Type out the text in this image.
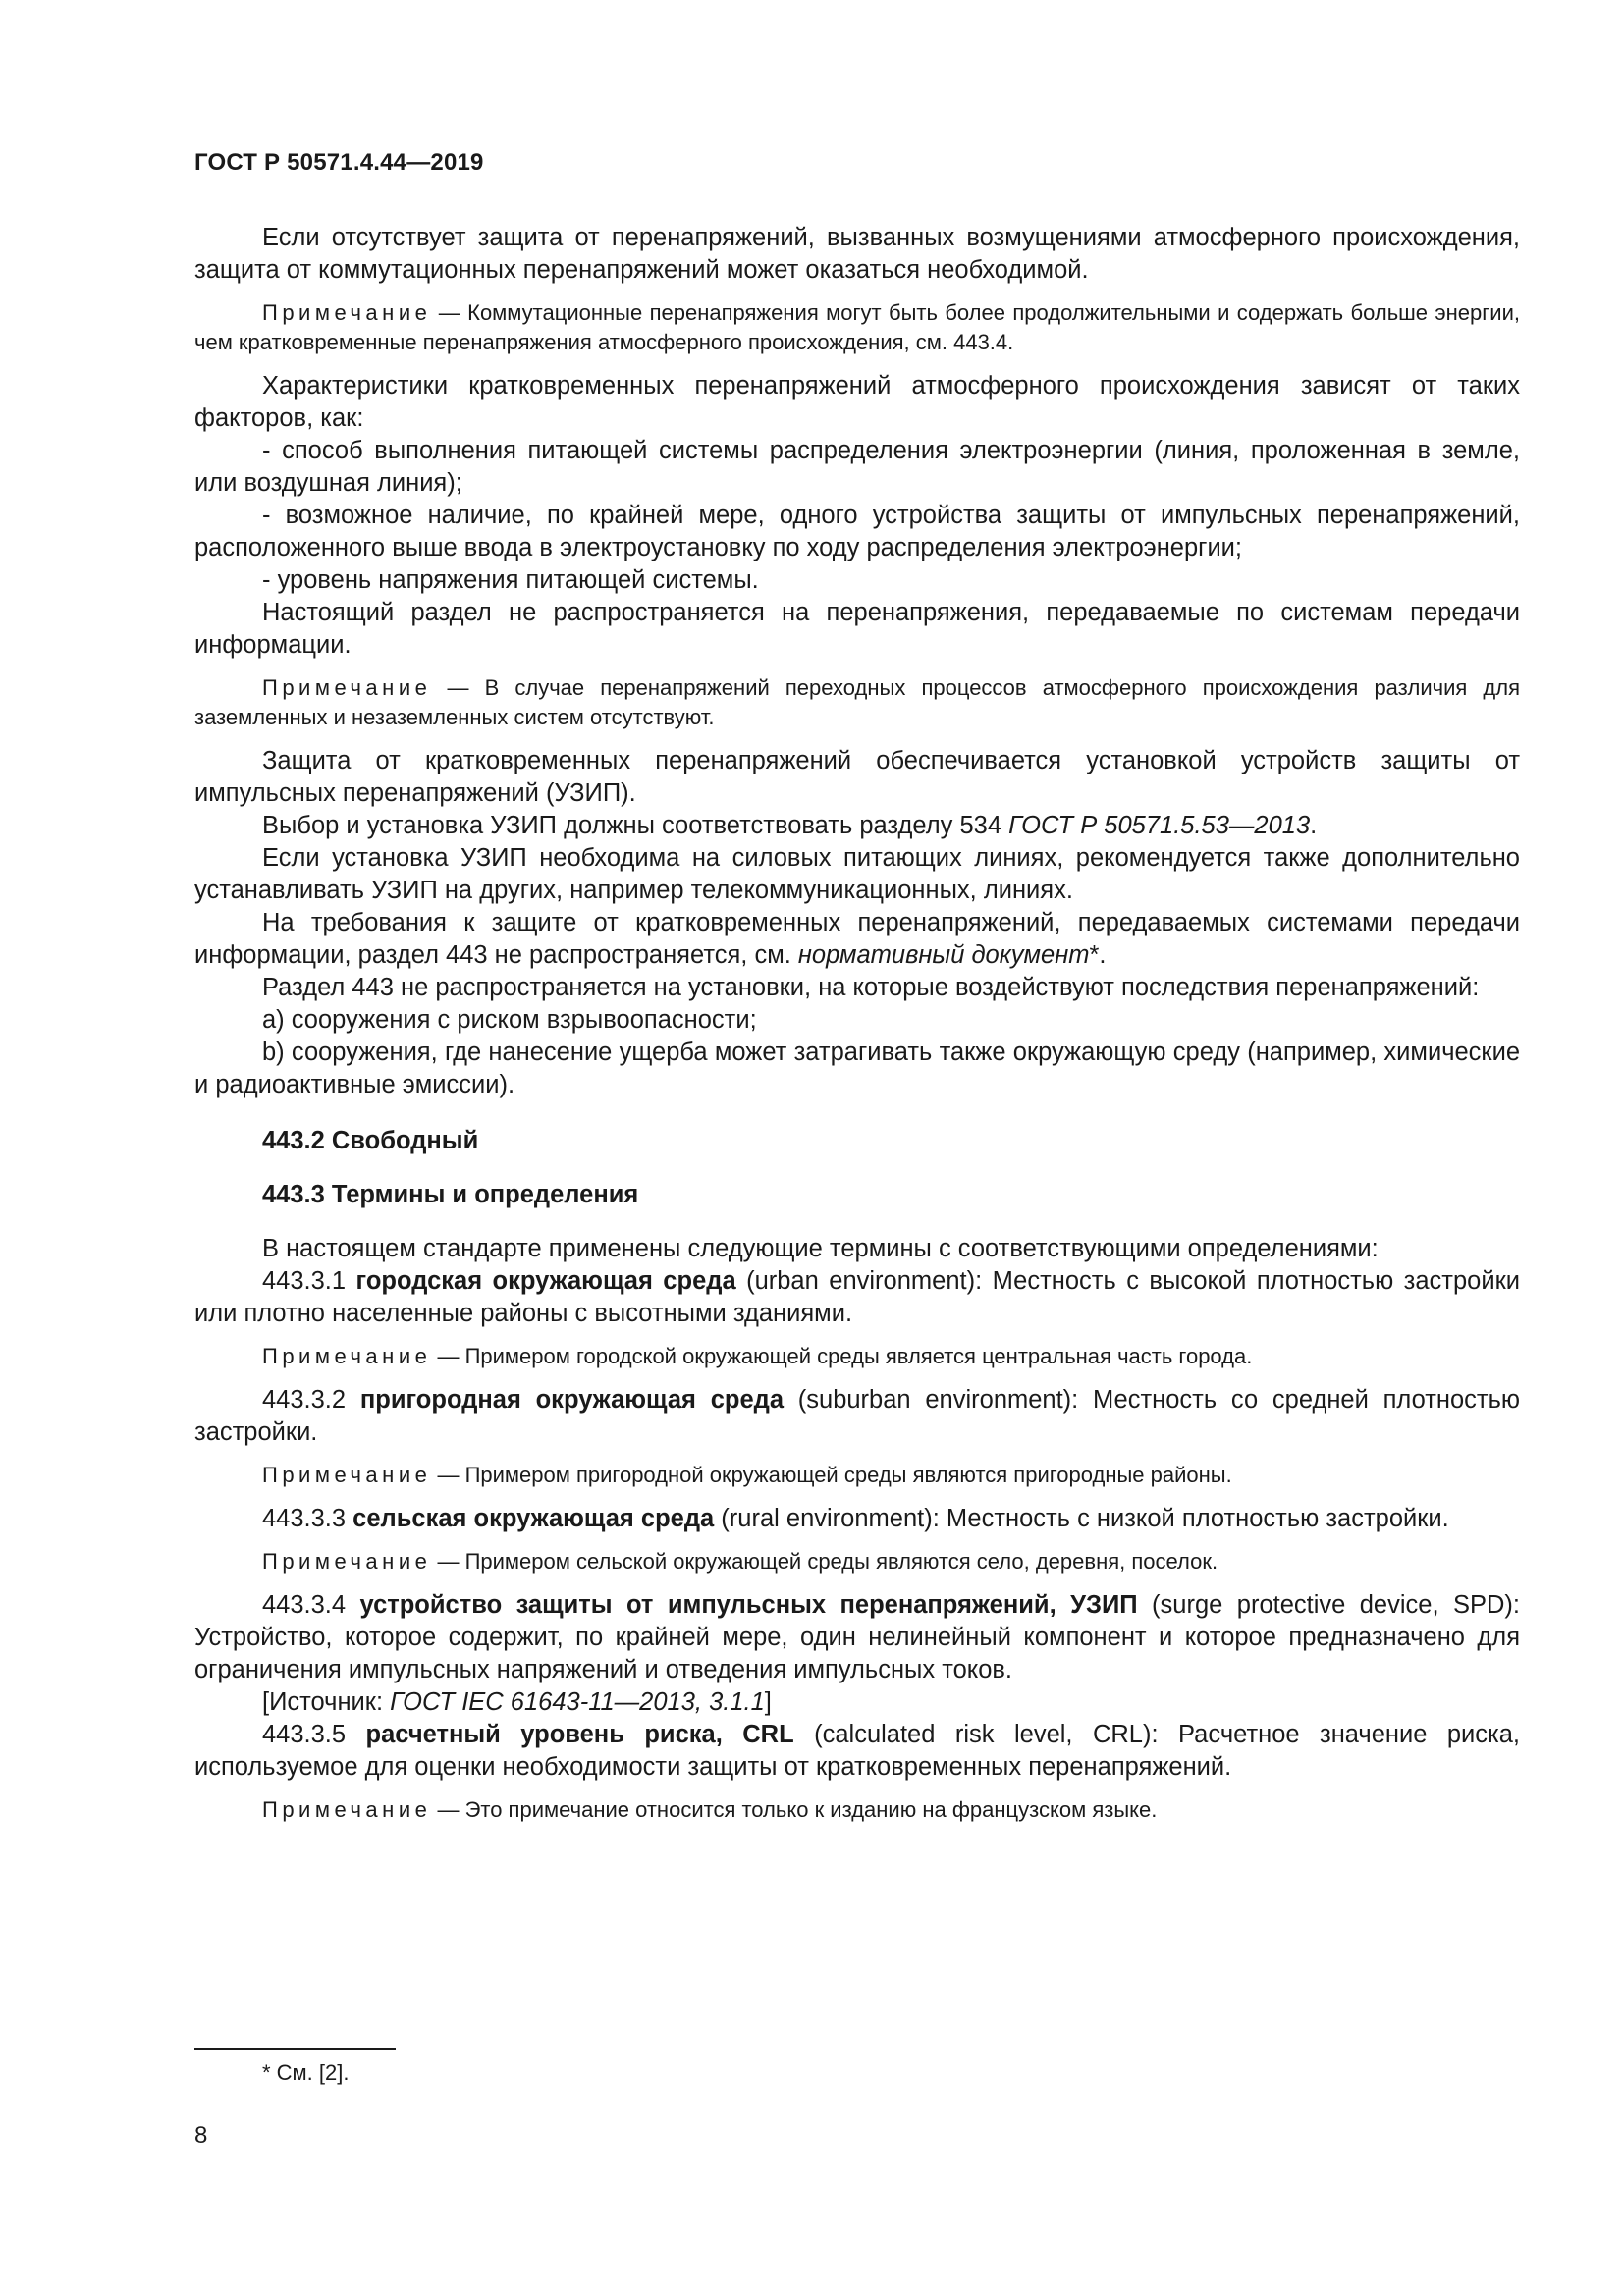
ГОСТ Р 50571.4.44—2019

Если отсутствует защита от перенапряжений, вызванных возмущениями атмосферного происхождения, защита от коммутационных перенапряжений может оказаться необходимой.

Примечание — Коммутационные перенапряжения могут быть более продолжительными и содержать больше энергии, чем кратковременные перенапряжения атмосферного происхождения, см. 443.4.

Характеристики кратковременных перенапряжений атмосферного происхождения зависят от таких факторов, как:

- способ выполнения питающей системы распределения электроэнергии (линия, проложенная в земле, или воздушная линия);

- возможное наличие, по крайней мере, одного устройства защиты от импульсных перенапряжений, расположенного выше ввода в электроустановку по ходу распределения электроэнергии;

- уровень напряжения питающей системы.

Настоящий раздел не распространяется на перенапряжения, передаваемые по системам передачи информации.

Примечание — В случае перенапряжений переходных процессов атмосферного происхождения различия для заземленных и незаземленных систем отсутствуют.

Защита от кратковременных перенапряжений обеспечивается установкой устройств защиты от импульсных перенапряжений (УЗИП).

Выбор и установка УЗИП должны соответствовать разделу 534 ГОСТ Р 50571.5.53—2013.

Если установка УЗИП необходима на силовых питающих линиях, рекомендуется также дополнительно устанавливать УЗИП на других, например телекоммуникационных, линиях.

На требования к защите от кратковременных перенапряжений, передаваемых системами передачи информации, раздел 443 не распространяется, см. нормативный документ*.

Раздел 443 не распространяется на установки, на которые воздействуют последствия перенапряжений:

a) сооружения с риском взрывоопасности;

b) сооружения, где нанесение ущерба может затрагивать также окружающую среду (например, химические и радиоактивные эмиссии).

443.2 Свободный

443.3 Термины и определения

В настоящем стандарте применены следующие термины с соответствующими определениями:

443.3.1 городская окружающая среда (urban environment): Местность с высокой плотностью застройки или плотно населенные районы с высотными зданиями.

Примечание — Примером городской окружающей среды является центральная часть города.

443.3.2 пригородная окружающая среда (suburban environment): Местность со средней плотностью застройки.

Примечание — Примером пригородной окружающей среды являются пригородные районы.

443.3.3 сельская окружающая среда (rural environment): Местность с низкой плотностью застройки.

Примечание — Примером сельской окружающей среды являются село, деревня, поселок.

443.3.4 устройство защиты от импульсных перенапряжений, УЗИП (surge protective device, SPD): Устройство, которое содержит, по крайней мере, один нелинейный компонент и которое предназначено для ограничения импульсных напряжений и отведения импульсных токов.

[Источник: ГОСТ IEC 61643-11—2013, 3.1.1]

443.3.5 расчетный уровень риска, CRL (calculated risk level, CRL): Расчетное значение риска, используемое для оценки необходимости защиты от кратковременных перенапряжений.

Примечание — Это примечание относится только к изданию на французском языке.

* См. [2].
8
